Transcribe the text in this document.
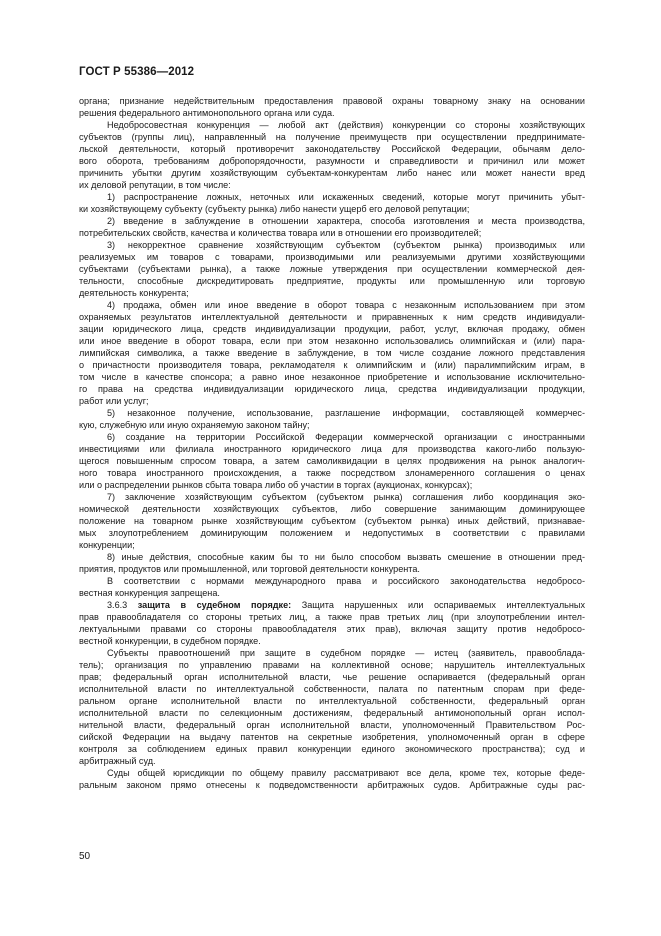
ГОСТ Р 55386—2012
органа; признание недействительным предоставления правовой охраны товарному знаку на основании
решения федерального антимонопольного органа или суда.
Недобросовестная конкуренция — любой акт (действия) конкуренции со стороны хозяйствующих
субъектов (группы лиц), направленный на получение преимуществ при осуществлении предпринимате-
льской деятельности, который противоречит законодательству Российской Федерации, обычаям дело-
вого оборота, требованиям добропорядочности, разумности и справедливости и причинил или может
причинить убытки другим хозяйствующим субъектам-конкурентам либо нанес или может нанести вред
их деловой репутации, в том числе:
1) распространение ложных, неточных или искаженных сведений, которые могут причинить убыт-
ки хозяйствующему субъекту (субъекту рынка) либо нанести ущерб его деловой репутации;
2) введение в заблуждение в отношении характера, способа изготовления и места производства,
потребительских свойств, качества и количества товара или в отношении его производителей;
3) некорректное сравнение хозяйствующим субъектом (субъектом рынка) производимых или
реализуемых им товаров с товарами, производимыми или реализуемыми другими хозяйствующими
субъектами (субъектами рынка), а также ложные утверждения при осуществлении коммерческой дея-
тельности, способные дискредитировать предприятие, продукты или промышленную или торговую
деятельность конкурента;
4) продажа, обмен или иное введение в оборот товара с незаконным использованием при этом
охраняемых результатов интеллектуальной деятельности и приравненных к ним средств индивидуали-
зации юридического лица, средств индивидуализации продукции, работ, услуг, включая продажу, обмен
или иное введение в оборот товара, если при этом незаконно использовались олимпийская и (или) пара-
лимпийская символика, а также введение в заблуждение, в том числе создание ложного представления
о причастности производителя товара, рекламодателя к олимпийским и (или) паралимпийским играм, в
том числе в качестве спонсора; а равно иное незаконное приобретение и использование исключительно-
го права на средства индивидуализации юридического лица, средства индивидуализации продукции,
работ или услуг;
5) незаконное получение, использование, разглашение информации, составляющей коммерчес-
кую, служебную или иную охраняемую законом тайну;
6) создание на территории Российской Федерации коммерческой организации с иностранными
инвестициями или филиала иностранного юридического лица для производства какого-либо пользую-
щегося повышенным спросом товара, а затем самоликвидации в целях продвижения на рынок аналогич-
ного товара иностранного происхождения, а также посредством злонамеренного соглашения о ценах
или о распределении рынков сбыта товара либо об участии в торгах (аукционах, конкурсах);
7) заключение хозяйствующим субъектом (субъектом рынка) соглашения либо координация эко-
номической деятельности хозяйствующих субъектов, либо совершение занимающим доминирующее
положение на товарном рынке хозяйствующим субъектом (субъектом рынка) иных действий, признавае-
мых злоупотреблением доминирующим положением и недопустимых в соответствии с правилами
конкуренции;
8) иные действия, способные каким бы то ни было способом вызвать смешение в отношении пред-
приятия, продуктов или промышленной, или торговой деятельности конкурента.
В соответствии с нормами международного права и российского законодательства недобросо-
вестная конкуренция запрещена.
3.6.3 защита в судебном порядке: Защита нарушенных или оспариваемых интеллектуальных
прав правообладателя со стороны третьих лиц, а также прав третьих лиц (при злоупотреблении интел-
лектуальными правами со стороны правообладателя этих прав), включая защиту против недобросо-
вестной конкуренции, в судебном порядке.
Субъекты правоотношений при защите в судебном порядке — истец (заявитель, правооблада-
тель); организация по управлению правами на коллективной основе; нарушитель интеллектуальных
прав; федеральный орган исполнительной власти, чье решение оспаривается (федеральный орган
исполнительной власти по интеллектуальной собственности, палата по патентным спорам при феде-
ральном органе исполнительной власти по интеллектуальной собственности, федеральный орган
исполнительной власти по селекционным достижениям, федеральный антимонопольный орган испол-
нительной власти, федеральный орган исполнительной власти, уполномоченный Правительством Рос-
сийской Федерации на выдачу патентов на секретные изобретения, уполномоченный орган в сфере
контроля за соблюдением единых правил конкуренции единого экономического пространства); суд и
арбитражный суд.
Суды общей юрисдикции по общему правилу рассматривают все дела, кроме тех, которые феде-
ральным законом прямо отнесены к подведомственности арбитражных судов. Арбитражные суды рас-
50
